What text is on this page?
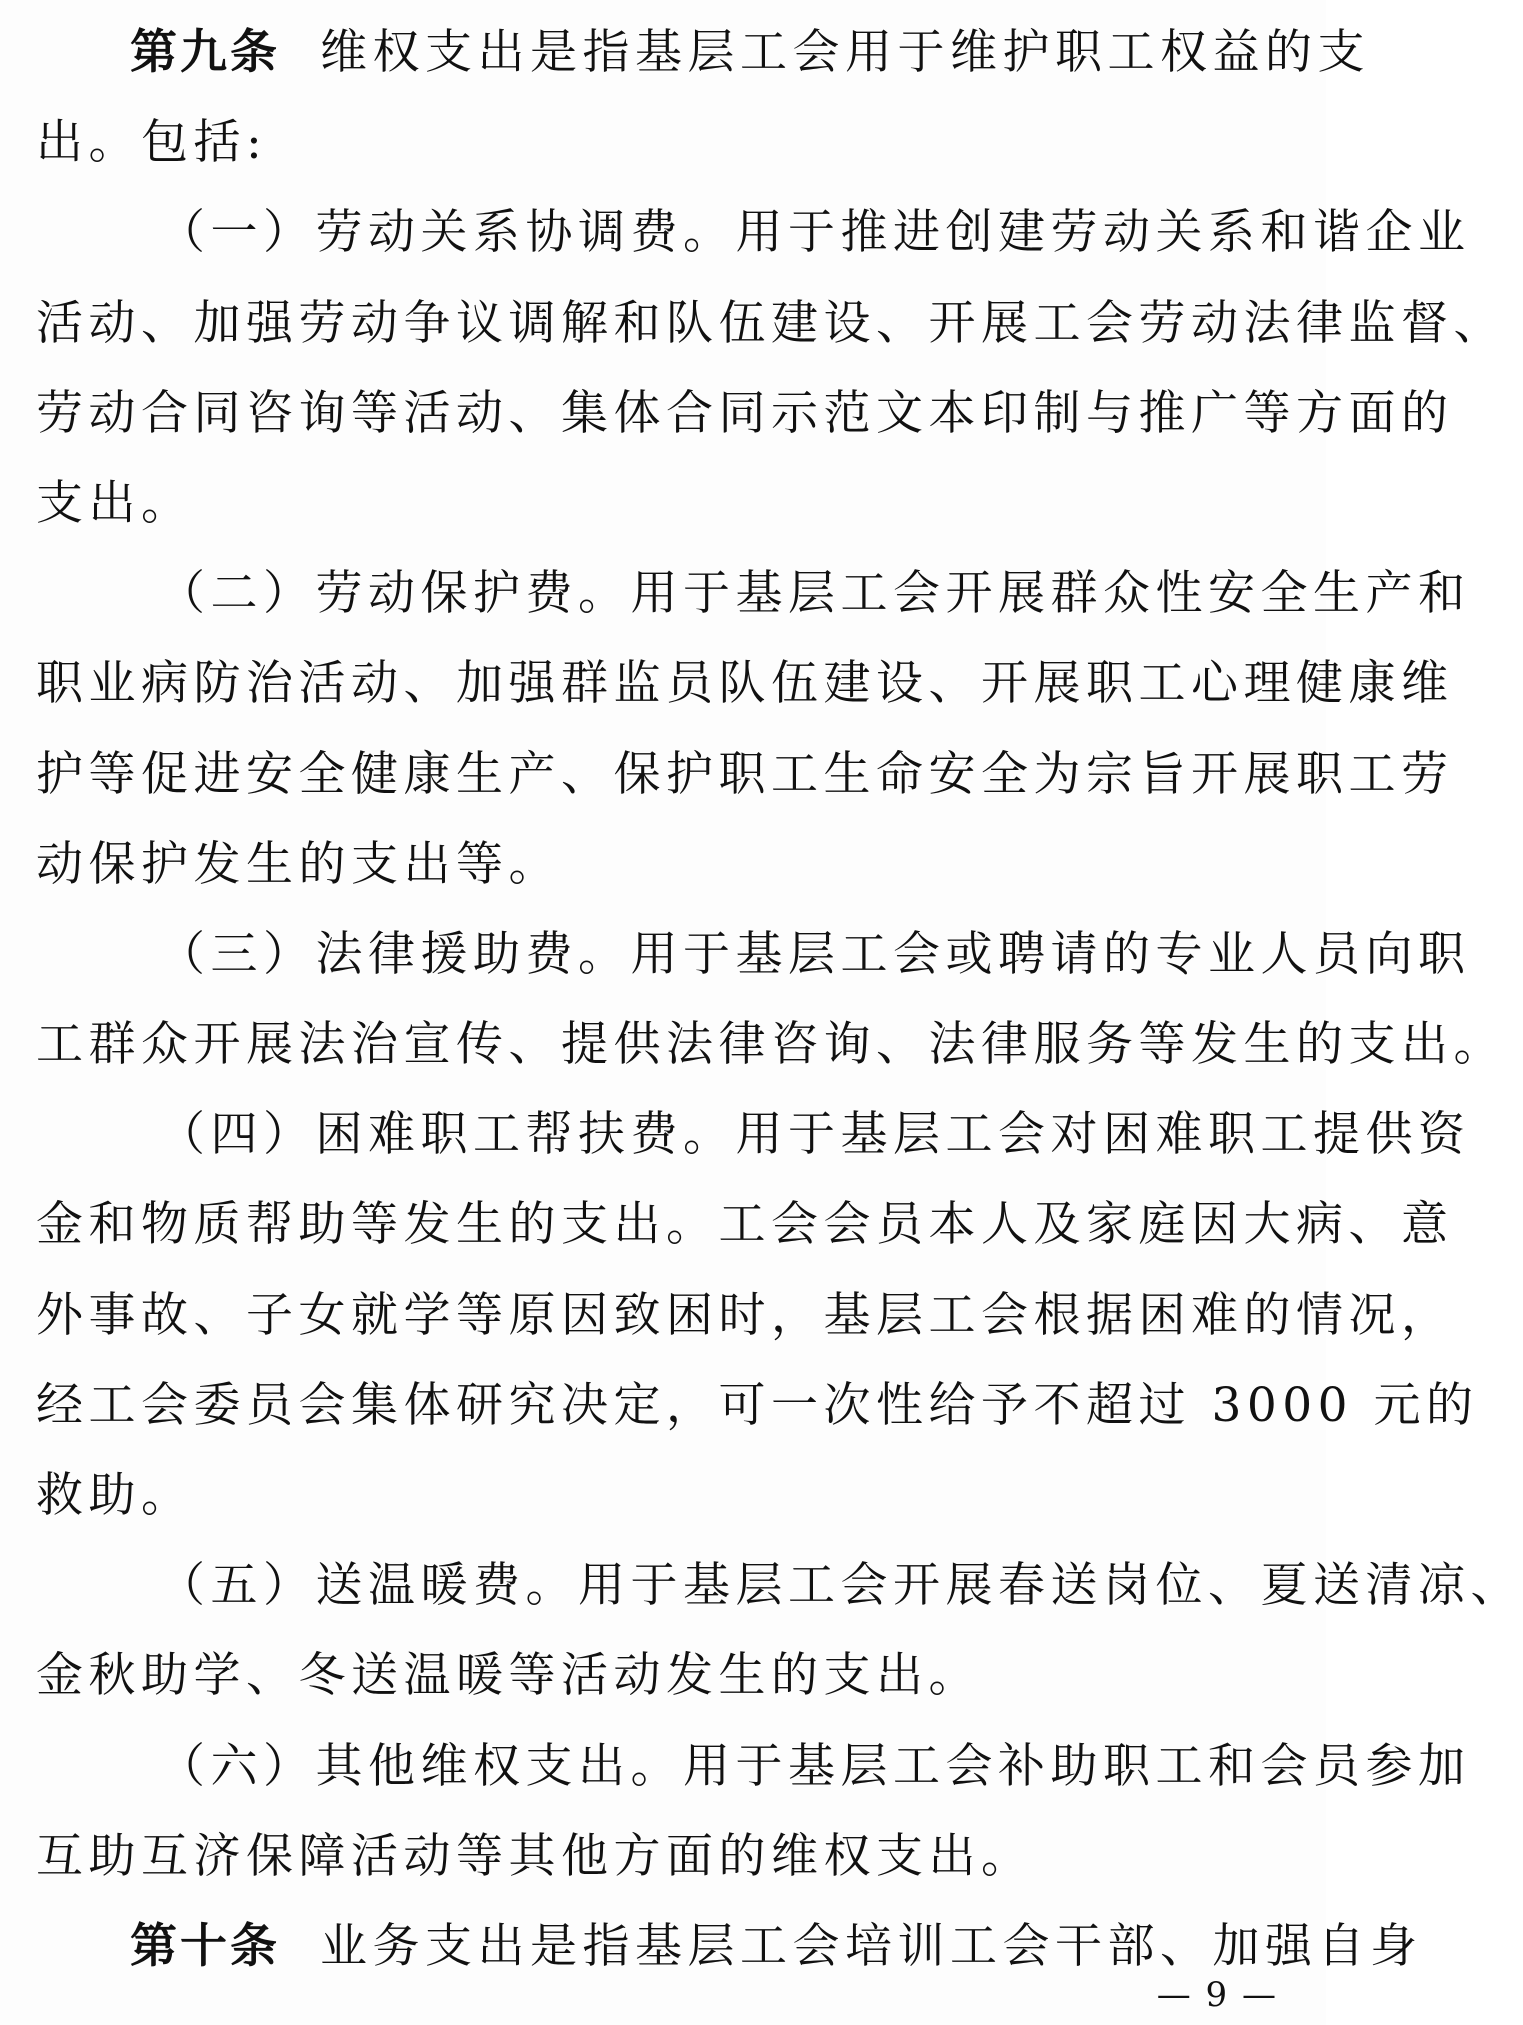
第九条 维权支出是指基层工会用于维护职工权益的支
出。包括:
（一）劳动关系协调费。用于推进创建劳动关系和谐企业
活动、加强劳动争议调解和队伍建设、开展工会劳动法律监督、
劳动合同咨询等活动、集体合同示范文本印制与推广等方面的
支出。
（二）劳动保护费。用于基层工会开展群众性安全生产和
职业病防治活动、加强群监员队伍建设、开展职工心理健康维
护等促进安全健康生产、保护职工生命安全为宗旨开展职工劳
动保护发生的支出等。
（三）法律援助费。用于基层工会或聘请的专业人员向职
工群众开展法治宣传、提供法律咨询、法律服务等发生的支出。
（四）困难职工帮扶费。用于基层工会对困难职工提供资
金和物质帮助等发生的支出。工会会员本人及家庭因大病、意
外事故、子女就学等原因致困时，基层工会根据困难的情况，
经工会委员会集体研究决定，可一次性给予不超过 3000 元的
救助。
（五）送温暖费。用于基层工会开展春送岗位、夏送清凉、
金秋助学、冬送温暖等活动发生的支出。
（六）其他维权支出。用于基层工会补助职工和会员参加
互助互济保障活动等其他方面的维权支出。
第十条 业务支出是指基层工会培训工会干部、加强自身
— 9 —
